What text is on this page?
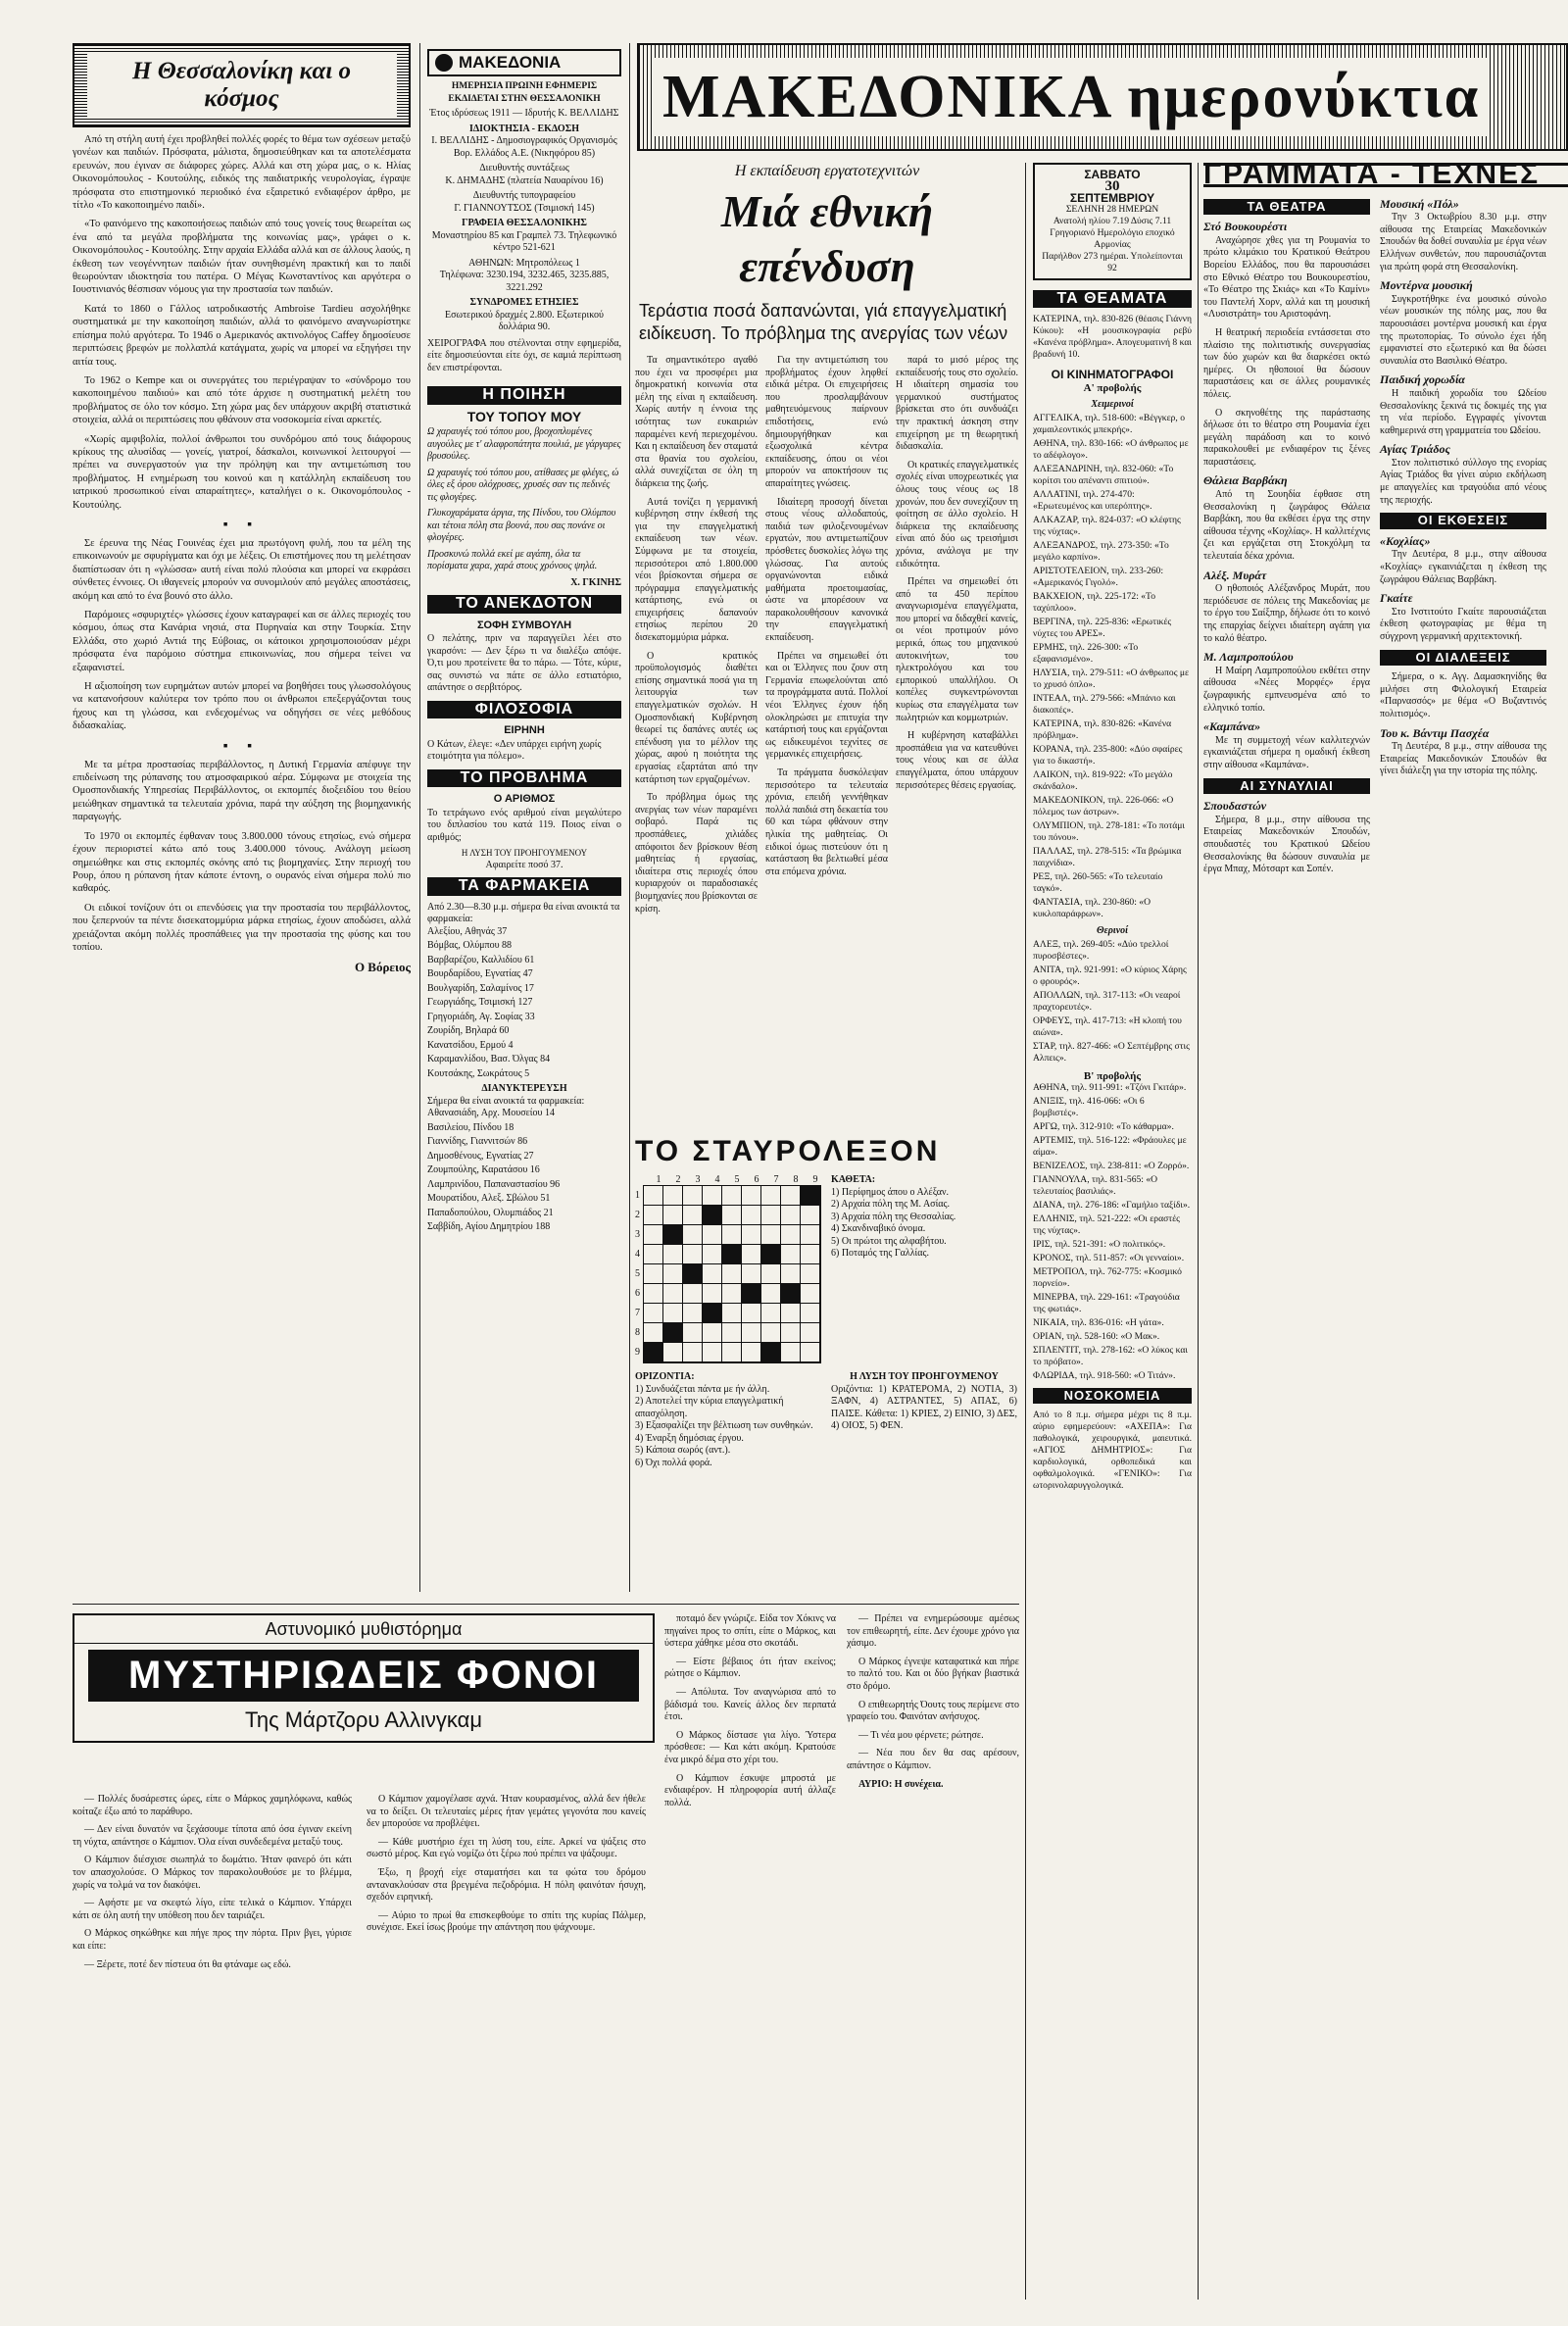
Η Θεσσαλονίκη και ο κόσμος

Από τη στήλη αυτή έχει προβληθεί πολλές φορές το θέμα των σχέσεων μεταξύ γονέων και παιδιών. Πρόσφατα, μάλιστα, δημοσιεύθηκαν και τα αποτελέσματα ερευνών, που έγιναν σε διάφορες χώρες. Αλλά και στη χώρα μας, ο κ. Ηλίας Οικονομόπουλος - Κουτούλης, ειδικός της παιδιατρικής νευρολογίας, έγραψε πρόσφατα στο επιστημονικό περιοδικό ένα εξαιρετικό ενδιαφέρον άρθρο, με τίτλο «Το κακοποιημένο παιδί».

«Το φαινόμενο της κακοποιήσεως παιδιών από τους γονείς τους θεωρείται ως ένα από τα μεγάλα προβλήματα της κοινωνίας μας», γράφει ο κ. Οικονομόπουλος - Κουτούλης. Στην αρχαία Ελλάδα αλλά και σε άλλους λαούς, η έκθεση των νεογέννητων παιδιών ήταν συνηθισμένη πρακτική και το παιδί θεωρούνταν ιδιοκτησία του πατέρα. Ο Μέγας Κωνσταντίνος και αργότερα ο Ιουστινιανός θέσπισαν νόμους για την προστασία των παιδιών.

Κατά το 1860 ο Γάλλος ιατροδικαστής Ambroise Tardieu ασχολήθηκε συστηματικά με την κακοποίηση παιδιών, αλλά το φαινόμενο αναγνωρίστηκε επίσημα πολύ αργότερα. Το 1946 ο Αμερικανός ακτινολόγος Caffey δημοσίευσε περιπτώσεις βρεφών με πολλαπλά κατάγματα, χωρίς να μπορεί να εξηγήσει την αιτία τους.

Το 1962 ο Kempe και οι συνεργάτες του περιέγραψαν το «σύνδρομο του κακοποιημένου παιδιού» και από τότε άρχισε η συστηματική μελέτη του προβλήματος σε όλο τον κόσμο. Στη χώρα μας δεν υπάρχουν ακριβή στατιστικά στοιχεία, αλλά οι περιπτώσεις που φθάνουν στα νοσοκομεία είναι αρκετές.

«Χωρίς αμφιβολία, πολλοί άνθρωποι του συνδρόμου από τους διάφορους κρίκους της αλυσίδας — γονείς, γιατροί, δάσκαλοι, κοινωνικοί λειτουργοί — πρέπει να συνεργαστούν για την πρόληψη και την αντιμετώπιση του προβλήματος. Η ενημέρωση του κοινού και η κατάλληλη εκπαίδευση του ιατρικού προσωπικού είναι απαραίτητες», καταλήγει ο κ. Οικονομόπουλος - Κουτούλης.

▪ ▪

Σε έρευνα της Νέας Γουινέας έχει μια πρωτόγονη φυλή, που τα μέλη της επικοινωνούν με σφυρίγματα και όχι με λέξεις. Οι επιστήμονες που τη μελέτησαν διαπίστωσαν ότι η «γλώσσα» αυτή είναι πολύ πλούσια και μπορεί να εκφράσει σύνθετες έννοιες. Οι ιθαγενείς μπορούν να συνομιλούν από μεγάλες αποστάσεις, ακόμη και από το ένα βουνό στο άλλο.

Παρόμοιες «σφυριχτές» γλώσσες έχουν καταγραφεί και σε άλλες περιοχές του κόσμου, όπως στα Κανάρια νησιά, στα Πυρηναία και στην Τουρκία. Στην Ελλάδα, στο χωριό Αντιά της Εύβοιας, οι κάτοικοι χρησιμοποιούσαν μέχρι πρόσφατα ένα παρόμοιο σύστημα επικοινωνίας, που σήμερα τείνει να εξαφανιστεί.

Η αξιοποίηση των ευρημάτων αυτών μπορεί να βοηθήσει τους γλωσσολόγους να κατανοήσουν καλύτερα τον τρόπο που οι άνθρωποι επεξεργάζονται τους ήχους και τη γλώσσα, και ενδεχομένως να οδηγήσει σε νέες μεθόδους διδασκαλίας.

▪ ▪

Με τα μέτρα προστασίας περιβάλλοντος, η Δυτική Γερμανία απέφυγε την επιδείνωση της ρύπανσης του ατμοσφαιρικού αέρα. Σύμφωνα με στοιχεία της Ομοσπονδιακής Υπηρεσίας Περιβάλλοντος, οι εκπομπές διοξειδίου του θείου μειώθηκαν σημαντικά τα τελευταία χρόνια, παρά την αύξηση της βιομηχανικής παραγωγής.

Το 1970 οι εκπομπές έφθαναν τους 3.800.000 τόνους ετησίως, ενώ σήμερα έχουν περιοριστεί κάτω από τους 3.400.000 τόνους. Ανάλογη μείωση σημειώθηκε και στις εκπομπές σκόνης από τις βιομηχανίες. Στην περιοχή του Ρουρ, όπου η ρύπανση ήταν κάποτε έντονη, ο ουρανός είναι σήμερα πολύ πιο καθαρός.

Οι ειδικοί τονίζουν ότι οι επενδύσεις για την προστασία του περιβάλλοντος, που ξεπερνούν τα πέντε δισεκατομμύρια μάρκα ετησίως, έχουν αποδώσει, αλλά χρειάζονται ακόμη πολλές προσπάθειες για την προστασία της φύσης και του τοπίου.

Ο Βόρειος
ΜΑΚΕΔΟΝΙΑ
ΗΜΕΡΗΣΙΑ ΠΡΩΙΝΗ ΕΦΗΜΕΡΙΣ ΕΚΔΙΔΕΤΑΙ ΣΤΗΝ ΘΕΣΣΑΛΟΝΙΚΗ
Έτος ιδρύσεως 1911 — Ιδρυτής Κ. ΒΕΛΛΙΔΗΣ
ΙΔΙΟΚΤΗΣΙΑ - ΕΚΔΟΣΗ
I. ΒΕΛΛΙΔΗΣ - Δημοσιογραφικός Οργανισμός Βορ. Ελλάδος Α.Ε. (Νικηφόρου 85)
Διευθυντής συντάξεως
Κ. ΔΗΜΑΔΗΣ (πλατεία Ναυαρίνου 16)
Διευθυντής τυπογραφείου
Γ. ΓΙΑΝΝΟΥΤΣΟΣ (Τσιμισκή 145)
ΓΡΑΦΕΙΑ ΘΕΣΣΑΛΟΝΙΚΗΣ
Μοναστηρίου 85 και Γραμπελ 73. Τηλεφωνικό κέντρο 521-621
ΑΘΗΝΩΝ: Μητροπόλεως 1
Τηλέφωνα: 3230.194, 3232.465, 3235.885, 3221.292
ΣΥΝΔΡΟΜΕΣ ΕΤΗΣΙΕΣ
Εσωτερικού δραχμές 2.800. Εξωτερικού δολλάρια 90.
ΧΕΙΡΟΓΡΑΦΑ που στέλνονται στην εφημερίδα, είτε δημοσιεύονται είτε όχι, σε καμιά περίπτωση δεν επιστρέφονται.
Η ΠΟΙΗΣΗ
ΤΟΥ ΤΟΠΟΥ ΜΟΥ
Ω χαραυγές τού τόπου μου, βροχοπλυμένες αυγούλες με τ' αλαφροπάτητα πουλιά, με γάργαρες βρυσούλες.
Ω χαραυγές τού τόπου μου, ατίθασες με φλέγες, ώ όλες εξ όρου ολόχρυσες, χρυσές σαν τις πεδινές τις φλογέρες.
Γλυκοχαράματα άργια, της Πίνδου, του Ολύμπου και τέτοια πόλη στα βουνά, που σας πονάνε οι φλογέρες.
Προσκυνώ πολλά εκεί με αγάπη, όλα τα πορίσματα χαρα, χαρά στους χρόνους ψηλά.
Χ. ΓΚΙΝΗΣ
ΤΟ ΑΝΕΚΔΟΤΟΝ
ΣΟΦΗ ΣΥΜΒΟΥΛΗ
Ο πελάτης, πριν να παραγγείλει λέει στο γκαρσόνι: — Δεν ξέρω τι να διαλέξω απόψε. Ό,τι μου προτείνετε θα το πάρω. — Τότε, κύριε, σας συνιστώ να πάτε σε άλλο εστιατόριο, απάντησε ο σερβιτόρος.
ΦΙΛΟΣΟΦΙΑ
ΕΙΡΗΝΗ
Ο Κάτων, έλεγε: «Δεν υπάρχει ειρήνη χωρίς ετοιμότητα για πόλεμο».
ΤΟ ΠΡΟΒΛΗΜΑ
Ο ΑΡΙΘΜΟΣ
Το τετράγωνο ενός αριθμού είναι μεγαλύτερο του διπλασίου του κατά 119. Ποιος είναι ο αριθμός;
Η ΛΥΣΗ ΤΟΥ ΠΡΟΗΓΟΥΜΕΝΟΥ
Αφαιρείτε ποσό 37.
ΤΑ ΦΑΡΜΑΚΕΙΑ
Από 2.30—8.30 μ.μ. σήμερα θα είναι ανοικτά τα φαρμακεία:
Αλεξίου, Αθηνάς 37
Βόμβας, Ολύμπου 88
Βαρβαρέζου, Καλλιδίου 61
Βουρδαρίδου, Εγνατίας 47
Βουλγαρίδη, Σαλαμίνος 17
Γεωργιάδης, Τσιμισκή 127
Γρηγοριάδη, Αγ. Σοφίας 33
Ζουρίδη, Βηλαρά 60
Κανατσίδου, Ερμού 4
Καραμανλίδου, Βασ. Όλγας 84
Κουτσάκης, Σωκράτους 5
ΔΙΑΝΥΚΤΕΡΕΥΣΗ
Σήμερα θα είναι ανοικτά τα φαρμακεία:
Αθανασιάδη, Αρχ. Μουσείου 14
Βασιλείου, Πίνδου 18
Γιαννίδης, Γιαννιτσών 86
Δημοσθένους, Εγνατίας 27
Ζουμπούλης, Καρατάσου 16
Λαμπρινίδου, Παπαναστασίου 96
Μουρατίδου, Αλεξ. Σβώλου 51
Παπαδοπούλου, Ολυμπιάδος 21
Σαββίδη, Αγίου Δημητρίου 188
ΜΑΚΕΔΟΝΙΚΑ ημερονύκτια
Η εκπαίδευση εργατοτεχνιτών
Μιά εθνική επένδυση
Τεράστια ποσά δαπανώνται, γιά επαγγελματική ειδίκευση. Το πρόβλημα της ανεργίας των νέων

Τα σημαντικότερο αγαθό που έχει να προσφέρει μια δημοκρατική κοινωνία στα μέλη της είναι η εκπαίδευση. Χωρίς αυτήν η έννοια της ισότητας των ευκαιριών παραμένει κενή περιεχομένου. Και η εκπαίδευση δεν σταματά στα θρανία του σχολείου, αλλά συνεχίζεται σε όλη τη διάρκεια της ζωής.

Αυτά τονίζει η γερμανική κυβέρνηση στην έκθεσή της για την επαγγελματική εκπαίδευση των νέων. Σύμφωνα με τα στοιχεία, περισσότεροι από 1.800.000 νέοι βρίσκονται σήμερα σε πρόγραμμα επαγγελματικής κατάρτισης, ενώ οι επιχειρήσεις δαπανούν ετησίως περίπου 20 δισεκατομμύρια μάρκα.

Ο κρατικός προϋπολογισμός διαθέτει επίσης σημαντικά ποσά για τη λειτουργία των επαγγελματικών σχολών. Η Ομοσπονδιακή Κυβέρνηση θεωρεί τις δαπάνες αυτές ως επένδυση για το μέλλον της χώρας, αφού η ποιότητα της εργασίας εξαρτάται από την κατάρτιση των εργαζομένων.

Το πρόβλημα όμως της ανεργίας των νέων παραμένει σοβαρό. Παρά τις προσπάθειες, χιλιάδες απόφοιτοι δεν βρίσκουν θέση μαθητείας ή εργασίας, ιδιαίτερα στις περιοχές όπου κυριαρχούν οι παραδοσιακές βιομηχανίες που βρίσκονται σε κρίση.

Για την αντιμετώπιση του προβλήματος έχουν ληφθεί ειδικά μέτρα. Οι επιχειρήσεις που προσλαμβάνουν μαθητευόμενους παίρνουν επιδοτήσεις, ενώ δημιουργήθηκαν και εξωσχολικά κέντρα εκπαίδευσης, όπου οι νέοι μπορούν να αποκτήσουν τις απαραίτητες γνώσεις.

Ιδιαίτερη προσοχή δίνεται στους νέους αλλοδαπούς, παιδιά των φιλοξενουμένων εργατών, που αντιμετωπίζουν πρόσθετες δυσκολίες λόγω της γλώσσας. Για αυτούς οργανώνονται ειδικά μαθήματα προετοιμασίας, ώστε να μπορέσουν να παρακολουθήσουν κανονικά την επαγγελματική εκπαίδευση.

Πρέπει να σημειωθεί ότι και οι Έλληνες που ζουν στη Γερμανία επωφελούνται από τα προγράμματα αυτά. Πολλοί νέοι Έλληνες έχουν ήδη ολοκληρώσει με επιτυχία την κατάρτισή τους και εργάζονται ως ειδικευμένοι τεχνίτες σε γερμανικές επιχειρήσεις.

Τα πράγματα δυσκόλεψαν περισσότερο τα τελευταία χρόνια, επειδή γεννήθηκαν πολλά παιδιά στη δεκαετία του 60 και τώρα φθάνουν στην ηλικία της μαθητείας. Οι ειδικοί όμως πιστεύουν ότι η κατάσταση θα βελτιωθεί μέσα στα επόμενα χρόνια.

παρά το μισό μέρος της εκπαίδευσής τους στο σχολείο. Η ιδιαίτερη σημασία του γερμανικού συστήματος βρίσκεται στο ότι συνδυάζει την πρακτική άσκηση στην επιχείρηση με τη θεωρητική διδασκαλία.

Οι κρατικές επαγγελματικές σχολές είναι υποχρεωτικές για όλους τους νέους ως 18 χρονών, που δεν συνεχίζουν τη φοίτηση σε άλλο σχολείο. Η διάρκεια της εκπαίδευσης είναι από δύο ως τρεισήμισι χρόνια, ανάλογα με την ειδικότητα.

Πρέπει να σημειωθεί ότι από τα 450 περίπου αναγνωρισμένα επαγγέλματα, που μπορεί να διδαχθεί κανείς, οι νέοι προτιμούν μόνο μερικά, όπως του μηχανικού αυτοκινήτων, του ηλεκτρολόγου και του εμπορικού υπαλλήλου. Οι κοπέλες συγκεντρώνονται κυρίως στα επαγγέλματα των πωλητριών και κομμωτριών.

Η κυβέρνηση καταβάλλει προσπάθεια για να κατευθύνει τους νέους και σε άλλα επαγγέλματα, όπου υπάρχουν περισσότερες θέσεις εργασίας.

ΤΟ ΣΤΑΥΡΟΛΕΞΟΝ
1	2	3	4	5	6	7	8	9
1
2
3
4
5
6
7
8
9
ΚΑΘΕΤΑ:
1) Περίφημος άπου ο Αλέξαν.
2) Αρχαία πόλη της Μ. Ασίας.
3) Αρχαία πόλη της Θεσσαλίας.
4) Σκανδιναβικό όνομα.
5) Οι πρώτοι της αλφαβήτου.
6) Ποταμός της Γαλλίας.
ΟΡΙΖΟΝΤΙΑ:
1) Συνδυάζεται πάντα με ήν άλλη.
2) Αποτελεί την κύρια επαγγελματική απασχόληση.
3) Εξασφαλίζει την βέλτιωση των συνθηκών.
4) Έναρξη δημόσιας έργου.
5) Κάποια σωρός (αντ.).
6) Όχι πολλά φορά.
Η ΛΥΣΗ ΤΟΥ ΠΡΟΗΓΟΥΜΕΝΟΥ
Οριζόντια: 1) ΚΡΑΤΕΡΟΜΑ, 2) ΝΟΤΙΑ, 3) ΞΑΦΝ, 4) ΑΣΤΡΑΝΤΕΣ, 5) ΑΠΑΣ, 6) ΠΑΙΣΕ. Κάθετα: 1) ΚΡΙΕΣ, 2) ΕΙΝΙΟ, 3) ΔΕΣ, 4) ΟΙΟΣ, 5) ΦΕΝ.
ΣΑΒΒΑΤΟ
30
ΣΕΠΤΕΜΒΡΙΟΥ
ΣΕΛΗΝΗ 28 ΗΜΕΡΩΝ
Ανατολή ηλίου 7.19 Δύσις 7.11
Γρηγοριανό Ημερολόγιο εποχικό Αρμονίας
Παρήλθον 273 ημέραι. Υπολείπονται 92
ΤΑ ΘΕΑΜΑΤΑ
ΚΑΤΕΡΙΝΑ, τηλ. 830-826 (θέασις Γιάννη Κύκου): «Η μουσικογραφία ρεβύ «Κανένα πρόβλημα». Απογευματινή 8 και βραδυνή 10.
ΟΙ ΚΙΝΗΜΑΤΟΓΡΑΦΟΙ
Α' προβολής
Χειμερινοί
ΑΓΓΕΛΙΚΑ, τηλ. 518-600: «Βέγγκερ, ο χαμαιλεοντικός μπεκρής».
ΑΘΗΝΑ, τηλ. 830-166: «Ο άνθρωπος με το αδέφλογο».
ΑΛΕΞΑΝΔΡΙΝΗ, τηλ. 832-060: «Το κορίτσι του απέναντι σπιτιού».
ΑΛΛΑΤΙΝΙ, τηλ. 274-470: «Ερωτευμένος και υπερόπτης».
ΑΛΚΑΖΑΡ, τηλ. 824-037: «Ο κλέφτης της νύχτας».
ΑΛΕΞΑΝΔΡΟΣ, τηλ. 273-350: «Το μεγάλο καρπίνο».
ΑΡΙΣΤΟΤΕΛΕΙΟΝ, τηλ. 233-260: «Αμερικανός Γιγολό».
ΒΑΚΧΕΙΟΝ, τηλ. 225-172: «Το ταχύπλοο».
ΒΕΡΓΙΝΑ, τηλ. 225-836: «Ερωτικές νύχτες του ΑΡΕΣ».
ΕΡΜΗΣ, τηλ. 226-300: «Το εξαφανισμένο».
ΗΛΥΣΙΑ, τηλ. 279-511: «Ο άνθρωπος με το χρυσό όπλο».
ΙΝΤΕΑΛ, τηλ. 279-566: «Μπάνιο και διακοπές».
ΚΑΤΕΡΙΝΑ, τηλ. 830-826: «Κανένα πρόβλημα».
ΚΟΡΑΝΑ, τηλ. 235-800: «Δύο σφαίρες για το δικαστή».
ΛΑΙΚΟΝ, τηλ. 819-922: «Το μεγάλο σκάνδαλο».
ΜΑΚΕΔΟΝΙΚΟΝ, τηλ. 226-066: «Ο πόλεμος των άστρων».
ΟΛΥΜΠΙΟΝ, τηλ. 278-181: «Το ποτάμι του πόνου».
ΠΑΛΛΑΣ, τηλ. 278-515: «Τα βρώμικα παιχνίδια».
ΡΕΞ, τηλ. 260-565: «Το τελευταίο ταγκό».
ΦΑΝΤΑΣΙΑ, τηλ. 230-860: «Ο κυκλοπαράφρων».
Θερινοί
ΑΛΕΞ, τηλ. 269-405: «Δύο τρελλοί πυροσβέστες».
ΑΝΙΤΑ, τηλ. 921-991: «Ο κύριος Χάρης ο φρουρός».
ΑΠΟΛΛΩΝ, τηλ. 317-113: «Οι νεαροί πραχτορευτές».
ΟΡΦΕΥΣ, τηλ. 417-713: «Η κλοπή του αιώνα».
ΣΤΑΡ, τηλ. 827-466: «Ο Σεπτέμβρης στις Αλπεις».
Β' προβολής
ΑΘΗΝΑ, τηλ. 911-991: «Τζόνι Γκιτάρ».
ΑΝΙΞΙΣ, τηλ. 416-066: «Οι 6 βομβιστές».
ΑΡΓΩ, τηλ. 312-910: «Το κάθαρμα».
ΑΡΤΕΜΙΣ, τηλ. 516-122: «Φράουλες με αίμα».
ΒΕΝΙΖΕΛΟΣ, τηλ. 238-811: «Ο Ζορρό».
ΓΙΑΝΝΟΥΛΑ, τηλ. 831-565: «Ο τελευταίος βασιλιάς».
ΔΙΑΝΑ, τηλ. 276-186: «Γαμήλιο ταξίδι».
ΕΛΛΗΝΙΣ, τηλ. 521-222: «Οι εραστές της νύχτας».
ΙΡΙΣ, τηλ. 521-391: «Ο πολιτικός».
ΚΡΟΝΟΣ, τηλ. 511-857: «Οι γενναίοι».
ΜΕΤΡΟΠΟΛ, τηλ. 762-775: «Κοσμικό πορνείο».
ΜΙΝΕΡΒΑ, τηλ. 229-161: «Τραγούδια της φωτιάς».
ΝΙΚΑΙΑ, τηλ. 836-016: «Η γάτα».
ΟΡΙΑΝ, τηλ. 528-160: «Ο Μακ».
ΣΠΛΕΝΤΙΤ, τηλ. 278-162: «Ο λύκος και το πρόβατο».
ΦΛΩΡΙΔΑ, τηλ. 918-560: «Ο Τιτάν».
ΝΟΣΟΚΟΜΕΙΑ
Από το 8 π.μ. σήμερα μέχρι τις 8 π.μ. αύριο εφημερεύουν: «ΑΧΕΠΑ»: Για παθολογικά, χειρουργικά, μαιευτικά. «ΑΓΙΟΣ ΔΗΜΗΤΡΙΟΣ»: Για καρδιολογικά, ορθοπεδικά και οφθαλμολογικά. «ΓΕΝΙΚΟ»: Για ωτορινολαρυγγολογικά.
ΓΡΑΜΜΑΤΑ - ΤΕΧΝΕΣ
ΤΑ ΘΕΑΤΡΑ
Στό Βουκουρέστι

Αναχώρησε χθες για τη Ρουμανία το πρώτο κλιμάκιο του Κρατικού Θεάτρου Βορείου Ελλάδος, που θα παρουσιάσει στο Εθνικό Θέατρο του Βουκουρεστίου, «Το Θέατρο της Σκιάς» και «Το Καμίνι» του Παντελή Χορν, αλλά και τη μουσική «Λυσιστράτη» του Αριστοφάνη.

Η θεατρική περιοδεία εντάσσεται στο πλαίσιο της πολιτιστικής συνεργασίας των δύο χωρών και θα διαρκέσει οκτώ ημέρες. Οι ηθοποιοί θα δώσουν παραστάσεις και σε άλλες ρουμανικές πόλεις.

Ο σκηνοθέτης της παράστασης δήλωσε ότι το θέατρο στη Ρουμανία έχει μεγάλη παράδοση και το κοινό παρακολουθεί με ενδιαφέρον τις ξένες παραστάσεις.

Θάλεια Βαρβάκη

Από τη Σουηδία έφθασε στη Θεσσαλονίκη η ζωγράφος Θάλεια Βαρβάκη, που θα εκθέσει έργα της στην αίθουσα τέχνης «Κοχλίας». Η καλλιτέχνις ζει και εργάζεται στη Στοκχόλμη τα τελευταία δέκα χρόνια.

Αλέξ. Μυράτ

Ο ηθοποιός Αλέξανδρος Μυράτ, που περιόδευσε σε πόλεις της Μακεδονίας με το έργο του Σαίξπηρ, δήλωσε ότι το κοινό της επαρχίας δείχνει ιδιαίτερη αγάπη για το καλό θέατρο.

Μ. Λαμπροπούλου

Η Μαίρη Λαμπροπούλου εκθέτει στην αίθουσα «Νέες Μορφές» έργα ζωγραφικής εμπνευσμένα από το ελληνικό τοπίο.

«Καμπάνα»

Με τη συμμετοχή νέων καλλιτεχνών εγκαινιάζεται σήμερα η ομαδική έκθεση στην αίθουσα «Καμπάνα».

ΑΙ ΣΥΝΑΥΛΙΑΙ
Σπουδαστών

Σήμερα, 8 μ.μ., στην αίθουσα της Εταιρείας Μακεδονικών Σπουδών, σπουδαστές του Κρατικού Ωδείου Θεσσαλονίκης θα δώσουν συναυλία με έργα Μπαχ, Μότσαρτ και Σοπέν.

Μουσική «Πόλ»

Την 3 Οκτωβρίου 8.30 μ.μ. στην αίθουσα της Εταιρείας Μακεδονικών Σπουδών θα δοθεί συναυλία με έργα νέων Ελλήνων συνθετών, που παρουσιάζονται για πρώτη φορά στη Θεσσαλονίκη.

Μοντέρνα μουσική

Συγκροτήθηκε ένα μουσικό σύνολο νέων μουσικών της πόλης μας, που θα παρουσιάσει μοντέρνα μουσική και έργα της πρωτοπορίας. Το σύνολο έχει ήδη εμφανιστεί στο εξωτερικό και θα δώσει συναυλία στο Βασιλικό Θέατρο.

Παιδική χορωδία

Η παιδική χορωδία του Ωδείου Θεσσαλονίκης ξεκινά τις δοκιμές της για τη νέα περίοδο. Εγγραφές γίνονται καθημερινά στη γραμματεία του Ωδείου.

Αγίας Τριάδος

Στον πολιτιστικό σύλλογο της ενορίας Αγίας Τριάδος θα γίνει αύριο εκδήλωση με απαγγελίες και τραγούδια από νέους της περιοχής.

ΟΙ ΕΚΘΕΣΕΙΣ
«Κοχλίας»

Την Δευτέρα, 8 μ.μ., στην αίθουσα «Κοχλίας» εγκαινιάζεται η έκθεση της ζωγράφου Θάλειας Βαρβάκη.

Γκαίτε

Στο Ινστιτούτο Γκαίτε παρουσιάζεται έκθεση φωτογραφίας με θέμα τη σύγχρονη γερμανική αρχιτεκτονική.

ΟΙ ΔΙΑΛΕΞΕΙΣ

Σήμερα, ο κ. Αγγ. Δαμασκηνίδης θα μιλήσει στη Φιλολογική Εταιρεία «Παρνασσός» με θέμα «Ο Βυζαντινός πολιτισμός».

Του κ. Βάντιμ Πασχέα

Τη Δευτέρα, 8 μ.μ., στην αίθουσα της Εταιρείας Μακεδονικών Σπουδών θα γίνει διάλεξη για την ιστορία της πόλης.

Αστυνομικό μυθιστόρημα
ΜΥΣΤΗΡΙΩΔΕΙΣ ΦΟΝΟΙ
Της Μάρτζορυ Αλλινγκαμ

— Πολλές δυσάρεστες ώρες, είπε ο Μάρκος χαμηλόφωνα, καθώς κοίταζε έξω από το παράθυρο.

— Δεν είναι δυνατόν να ξεχάσουμε τίποτα από όσα έγιναν εκείνη τη νύχτα, απάντησε ο Κάμπιον. Όλα είναι συνδεδεμένα μεταξύ τους.

Ο Κάμπιον διέσχισε σιωπηλά το δωμάτιο. Ήταν φανερό ότι κάτι τον απασχολούσε. Ο Μάρκος τον παρακολουθούσε με το βλέμμα, χωρίς να τολμά να τον διακόψει.

— Αφήστε με να σκεφτώ λίγο, είπε τελικά ο Κάμπιον. Υπάρχει κάτι σε όλη αυτή την υπόθεση που δεν ταιριάζει.

Ο Μάρκος σηκώθηκε και πήγε προς την πόρτα. Πριν βγει, γύρισε και είπε:

— Ξέρετε, ποτέ δεν πίστευα ότι θα φτάναμε ως εδώ.

Ο Κάμπιον χαμογέλασε αχνά. Ήταν κουρασμένος, αλλά δεν ήθελε να το δείξει. Οι τελευταίες μέρες ήταν γεμάτες γεγονότα που κανείς δεν μπορούσε να προβλέψει.

— Κάθε μυστήριο έχει τη λύση του, είπε. Αρκεί να ψάξεις στο σωστό μέρος. Και εγώ νομίζω ότι ξέρω πού πρέπει να ψάξουμε.

Έξω, η βροχή είχε σταματήσει και τα φώτα του δρόμου αντανακλούσαν στα βρεγμένα πεζοδρόμια. Η πόλη φαινόταν ήσυχη, σχεδόν ειρηνική.

— Αύριο το πρωί θα επισκεφθούμε το σπίτι της κυρίας Πάλμερ, συνέχισε. Εκεί ίσως βρούμε την απάντηση που ψάχνουμε.

ποταμό δεν γνώριζε. Είδα τον Χόκινς να πηγαίνει προς το σπίτι, είπε ο Μάρκος, και ύστερα χάθηκε μέσα στο σκοτάδι.

— Είστε βέβαιος ότι ήταν εκείνος; ρώτησε ο Κάμπιον.

— Απόλυτα. Τον αναγνώρισα από το βάδισμά του. Κανείς άλλος δεν περπατά έτσι.

Ο Μάρκος δίστασε για λίγο. Ύστερα πρόσθεσε: — Και κάτι ακόμη. Κρατούσε ένα μικρό δέμα στο χέρι του.

Ο Κάμπιον έσκυψε μπροστά με ενδιαφέρον. Η πληροφορία αυτή άλλαζε πολλά.

— Πρέπει να ενημερώσουμε αμέσως τον επιθεωρητή, είπε. Δεν έχουμε χρόνο για χάσιμο.

Ο Μάρκος έγνεψε καταφατικά και πήρε το παλτό του. Και οι δύο βγήκαν βιαστικά στο δρόμο.

Ο επιθεωρητής Όουτς τους περίμενε στο γραφείο του. Φαινόταν ανήσυχος.

— Τι νέα μου φέρνετε; ρώτησε.

— Νέα που δεν θα σας αρέσουν, απάντησε ο Κάμπιον.

ΑΥΡΙΟ: Η συνέχεια.
